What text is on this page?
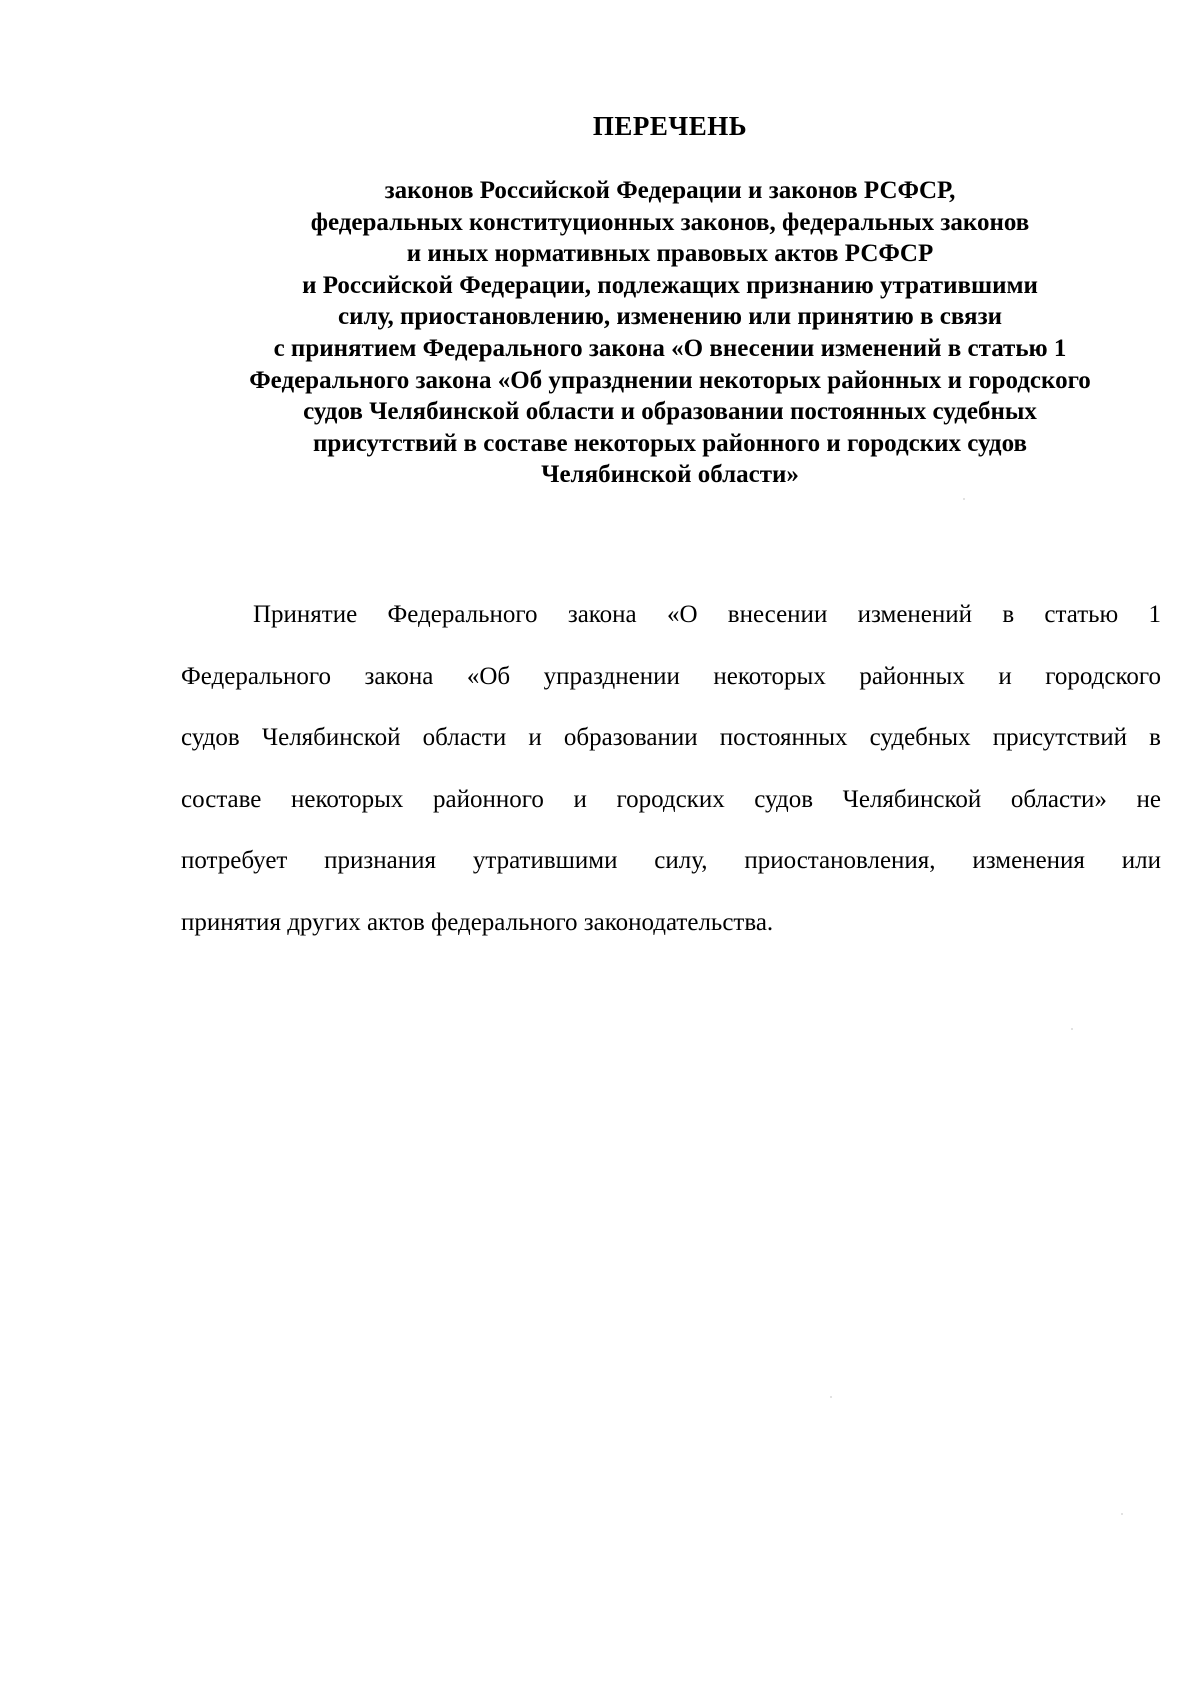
ПЕРЕЧЕНЬ
законов Российской Федерации и законов РСФСР,
федеральных конституционных законов, федеральных законов
и иных нормативных правовых актов РСФСР
и Российской Федерации, подлежащих признанию утратившими
силу, приостановлению, изменению или принятию в связи
с принятием Федерального закона «О внесении изменений в статью 1
Федерального закона «Об упразднении некоторых районных и городского
судов Челябинской области и образовании постоянных судебных
присутствий в составе некоторых районного и городских судов
Челябинской области»
Принятие Федерального закона «О внесении изменений в статью 1
Федерального закона «Об упразднении некоторых районных и городского
судов Челябинской области и образовании постоянных судебных присутствий в
составе некоторых районного и городских судов Челябинской области» не
потребует признания утратившими силу, приостановления, изменения или
принятия других актов федерального законодательства.
